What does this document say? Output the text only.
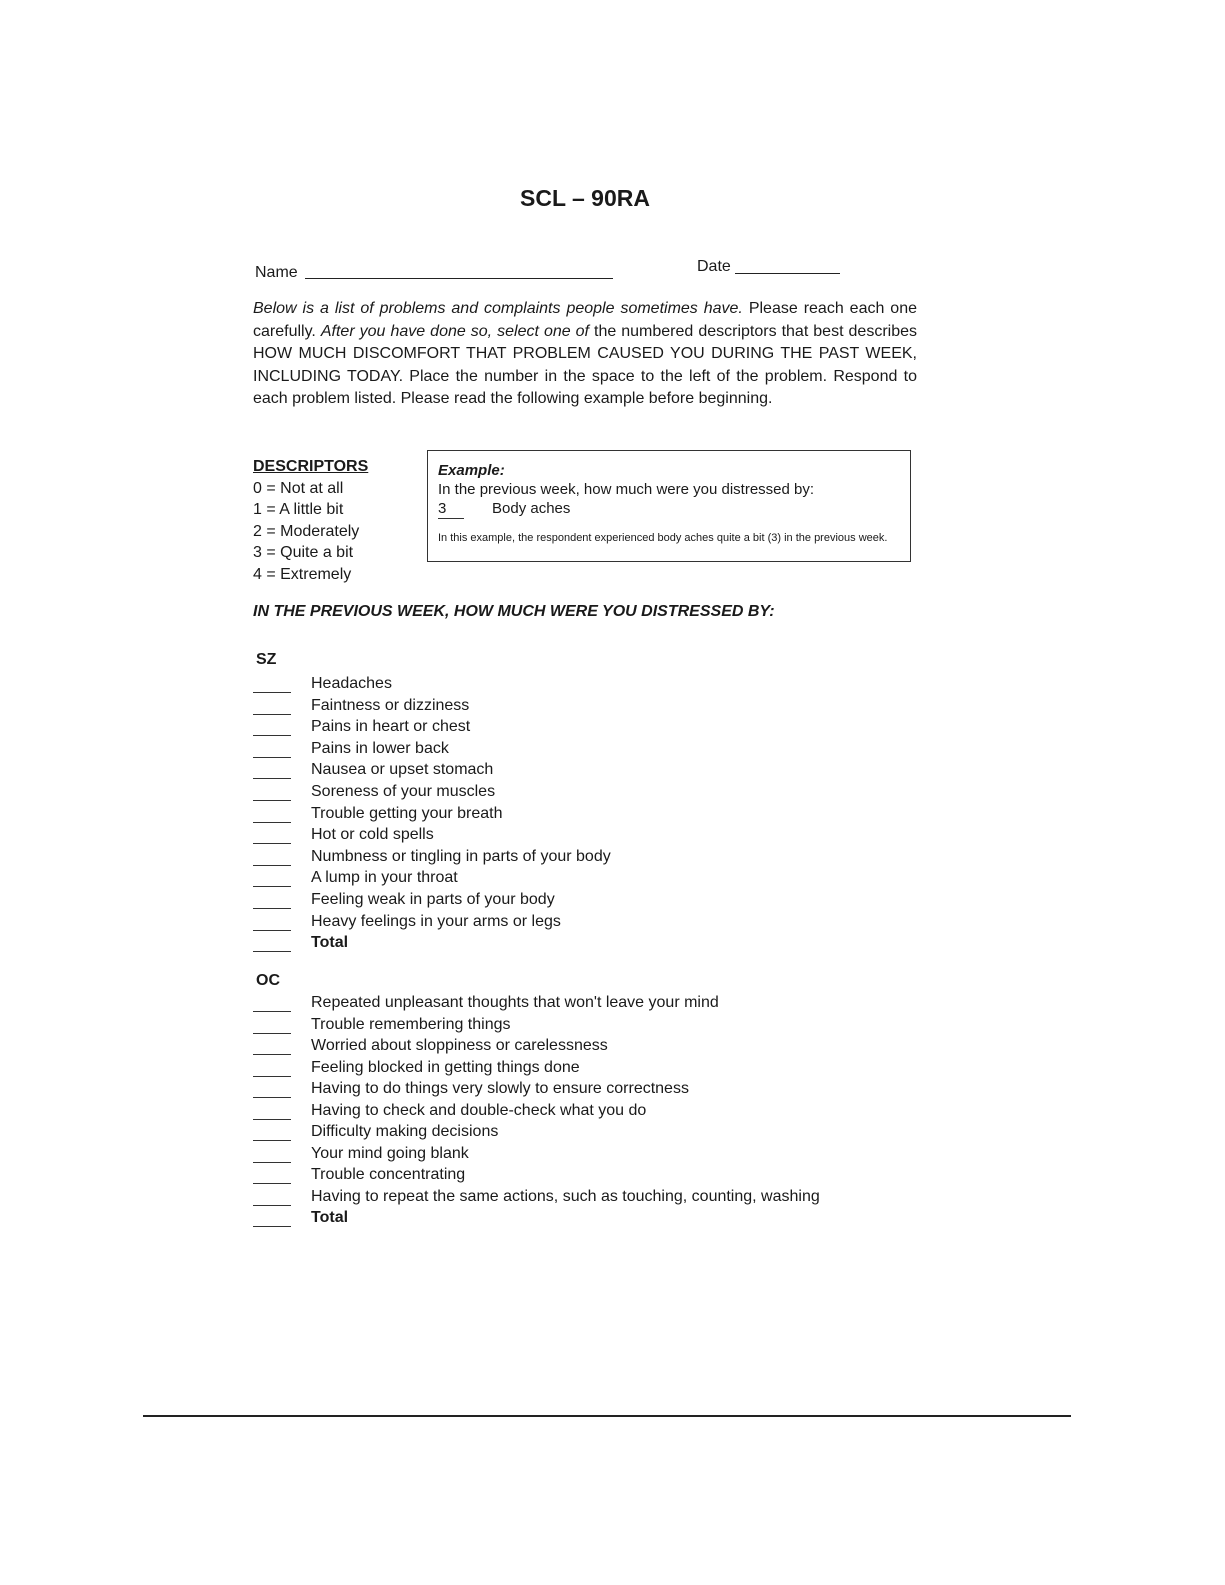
SCL – 90RA
Name	Date
Below is a list of problems and complaints people sometimes have. Please reach each one carefully. After you have done so, select one of the numbered descriptors that best describes HOW MUCH DISCOMFORT THAT PROBLEM CAUSED YOU DURING THE PAST WEEK, INCLUDING TODAY. Place the number in the space to the left of the problem. Respond to each problem listed. Please read the following example before beginning.
DESCRIPTORS
0 = Not at all
1 = A little bit
2 = Moderately
3 = Quite a bit
4 = Extremely
Example:
In the previous week, how much were you distressed by:
3	Body aches
In this example, the respondent experienced body aches quite a bit (3) in the previous week.
IN THE PREVIOUS WEEK, HOW MUCH WERE YOU DISTRESSED BY:
SZ
Headaches
Faintness or dizziness
Pains in heart or chest
Pains in lower back
Nausea or upset stomach
Soreness of your muscles
Trouble getting your breath
Hot or cold spells
Numbness or tingling in parts of your body
A lump in your throat
Feeling weak in parts of your body
Heavy feelings in your arms or legs
Total
OC
Repeated unpleasant thoughts that won't leave your mind
Trouble remembering things
Worried about sloppiness or carelessness
Feeling blocked in getting things done
Having to do things very slowly to ensure correctness
Having to check and double-check what you do
Difficulty making decisions
Your mind going blank
Trouble concentrating
Having to repeat the same actions, such as touching, counting, washing
Total
